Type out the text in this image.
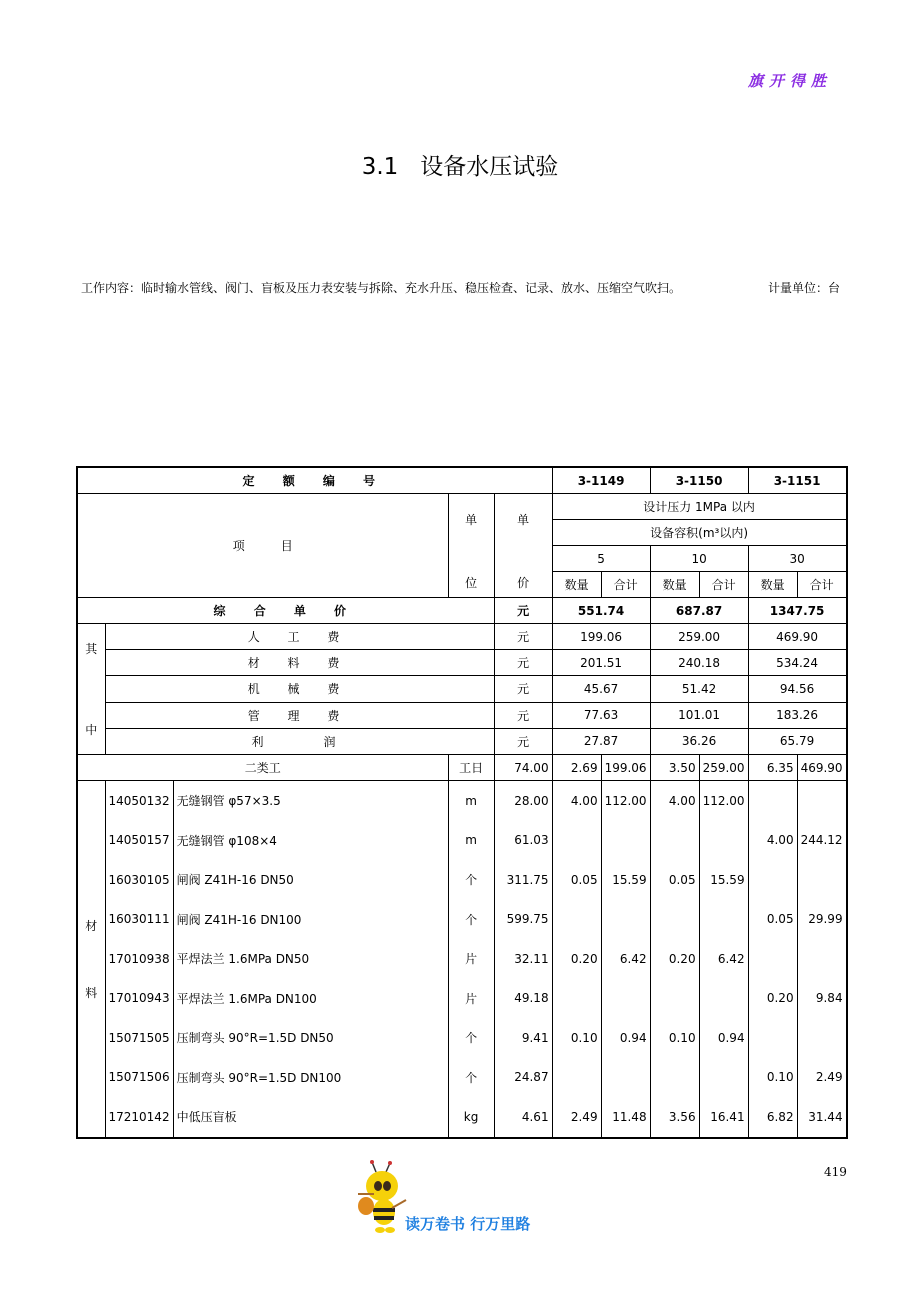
旗开得胜
3.1 设备水压试验
工作内容：临时输水管线、阀门、盲板及压力表安装与拆除、充水升压、稳压检查、记录、放水、压缩空气吹扫。	计量单位：台
定 额 编 号					3-1149		3-1150		3-1151	
项　　　目			单	单	设计压力 1MPa 以内					
					设备容积(m³以内)					
			位	价	5		10		30	
					数量	合计	数量	合计	数量	合计
综 合 单 价				元	551.74		687.87		1347.75	

其
中	人 工 费			元	199.06		259.00		469.90	
	材 料 费			元	201.51		240.18		534.24	
	机 械 费			元	45.67		51.42		94.56	
	管 理 费			元	77.63		101.01		183.26	
	利　　润			元	27.87		36.26		65.79	
二类工			工日	74.00	2.69	199.06	3.50	259.00	6.35	469.90

材
料	14050132	无缝钢管 φ57×3.5	m	28.00	4.00	112.00	4.00	112.00		
	14050157	无缝钢管 φ108×4	m	61.03					4.00	244.12
	16030105	闸阀 Z41H-16 DN50	个	311.75	0.05	15.59	0.05	15.59		
	16030111	闸阀 Z41H-16 DN100	个	599.75					0.05	29.99
	17010938	平焊法兰 1.6MPa DN50	片	32.11	0.20	6.42	0.20	6.42		
	17010943	平焊法兰 1.6MPa DN100	片	49.18					0.20	9.84
	15071505	压制弯头 90°R=1.5D DN50	个	9.41	0.10	0.94	0.10	0.94		
	15071506	压制弯头 90°R=1.5D DN100	个	24.87					0.10	2.49
	17210142	中低压盲板	kg	4.61	2.49	11.48	3.56	16.41	6.82	31.44
读万卷书 行万里路
419
